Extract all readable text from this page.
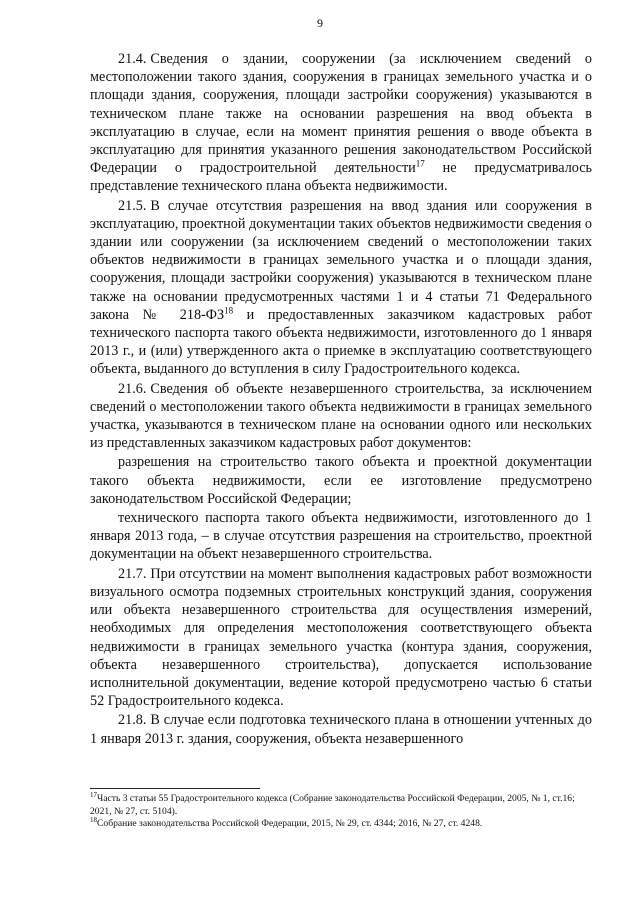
9

21.4. Сведения о здании, сооружении (за исключением сведений о местоположении такого здания, сооружения в границах земельного участка и о площади здания, сооружения, площади застройки сооружения) указываются в техническом плане также на основании разрешения на ввод объекта в эксплуатацию в случае, если на момент принятия решения о вводе объекта в эксплуатацию для принятия указанного решения законодательством Российской Федерации о градостроительной деятельности$^{17}$ не предусматривалось представление технического плана объекта недвижимости.

21.5. В случае отсутствия разрешения на ввод здания или сооружения в эксплуатацию, проектной документации таких объектов недвижимости сведения о здании или сооружении (за исключением сведений о местоположении таких объектов недвижимости в границах земельного участка и о площади здания, сооружения, площади застройки сооружения) указываются в техническом плане также на основании предусмотренных частями 1 и 4 статьи 71 Федерального закона № 218-ФЗ$^{18}$ и предоставленных заказчиком кадастровых работ технического паспорта такого объекта недвижимости, изготовленного до 1 января 2013 г., и (или) утвержденного акта о приемке в эксплуатацию соответствующего объекта, выданного до вступления в силу Градостроительного кодекса.

21.6. Сведения об объекте незавершенного строительства, за исключением сведений о местоположении такого объекта недвижимости в границах земельного участка, указываются в техническом плане на основании одного или нескольких из представленных заказчиком кадастровых работ документов:

разрешения на строительство такого объекта и проектной документации такого объекта недвижимости, если ее изготовление предусмотрено законодательством Российской Федерации;

технического паспорта такого объекта недвижимости, изготовленного до 1 января 2013 года, – в случае отсутствия разрешения на строительство, проектной документации на объект незавершенного строительства.

21.7. При отсутствии на момент выполнения кадастровых работ возможности визуального осмотра подземных строительных конструкций здания, сооружения или объекта незавершенного строительства для осуществления измерений, необходимых для определения местоположения соответствующего объекта недвижимости в границах земельного участка (контура здания, сооружения, объекта незавершенного строительства), допускается использование исполнительной документации, ведение которой предусмотрено частью 6 статьи 52 Градостроительного кодекса.

21.8. В случае если подготовка технического плана в отношении учтенных до 1 января 2013 г. здания, сооружения, объекта незавершенного

$^{17}$Часть 3 статьи 55 Градостроительного кодекса (Собрание законодательства Российской Федерации, 2005, № 1, ст.16; 2021, № 27, ст. 5104).

$^{18}$Собрание законодательства Российской Федерации, 2015, № 29, ст. 4344; 2016, № 27, ст. 4248.
